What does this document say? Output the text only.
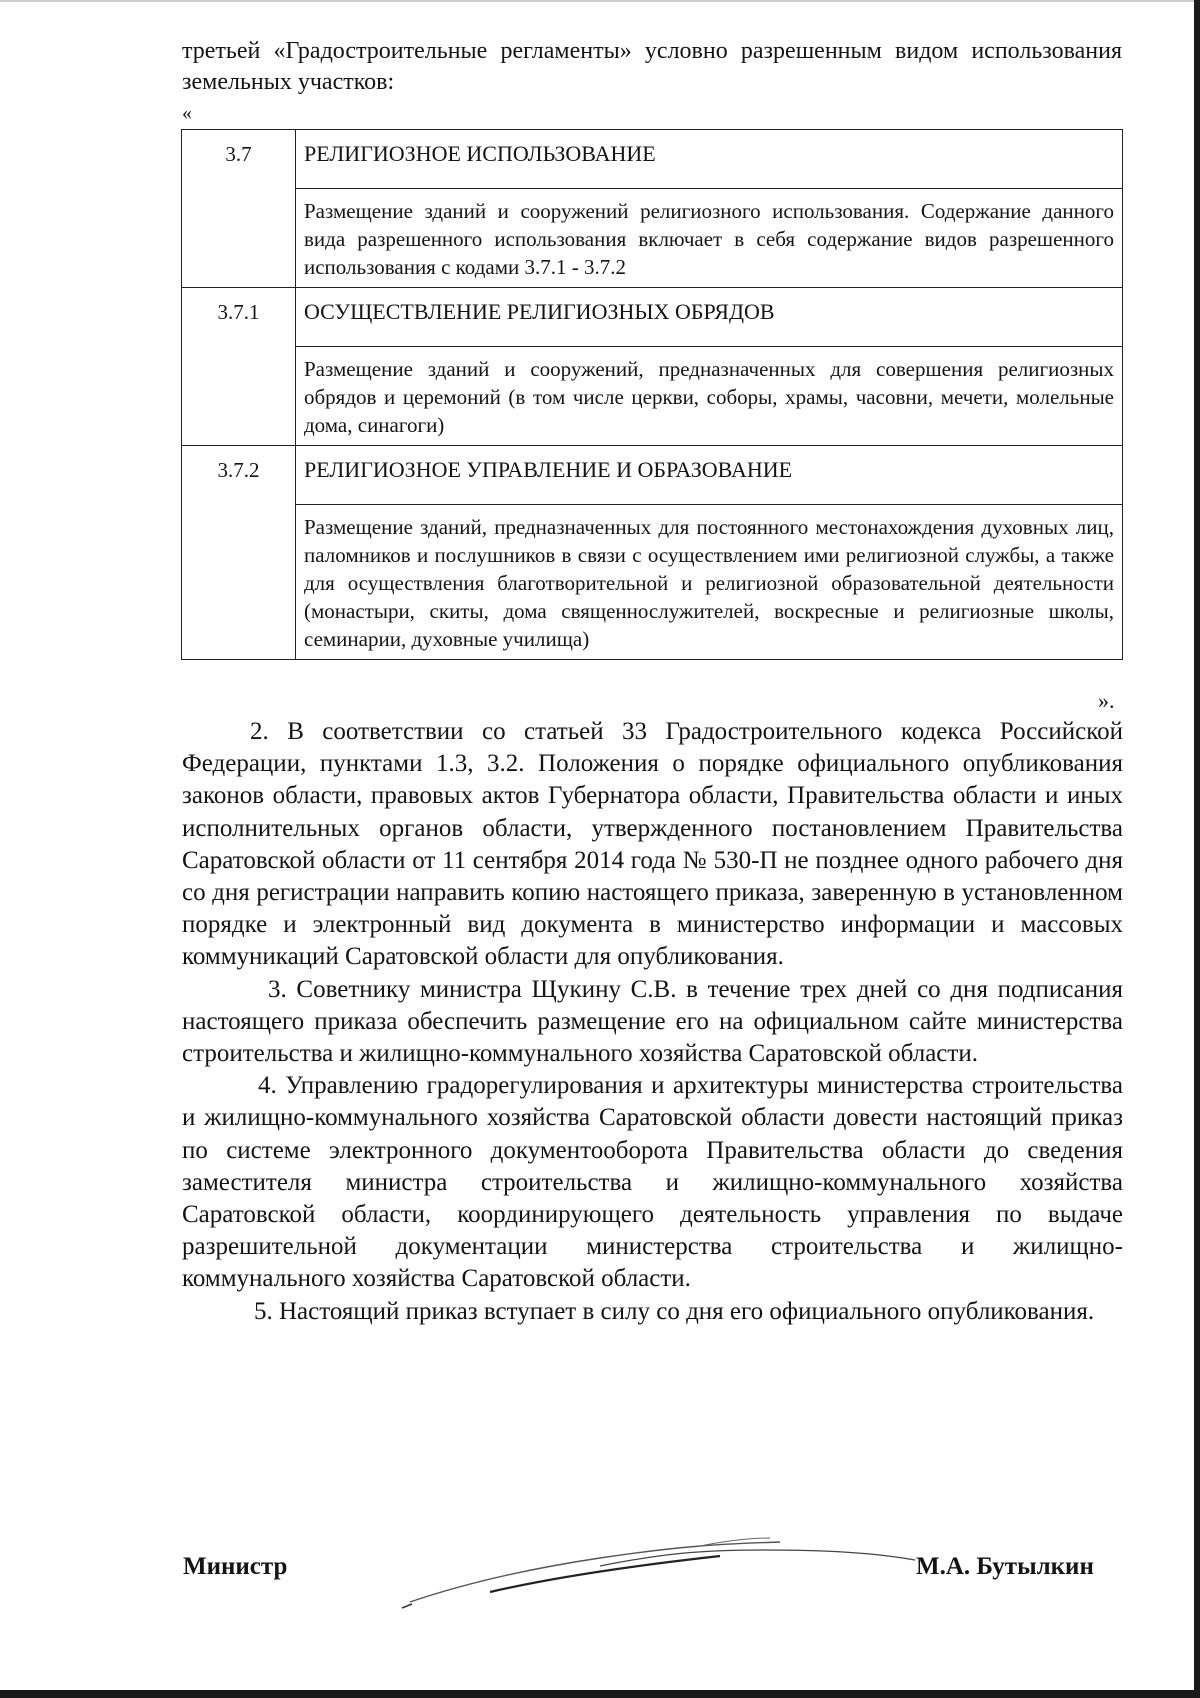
третьей «Градостроительные регламенты» условно разрешенным видом использования земельных участков:

«
3.7	РЕЛИГИОЗНОЕ ИСПОЛЬЗОВАНИЕ
	Размещение зданий и сооружений религиозного использования. Содержание данного вида разрешенного использования включает в себя содержание видов разрешенного использования с кодами 3.7.1 - 3.7.2
3.7.1	ОСУЩЕСТВЛЕНИЕ РЕЛИГИОЗНЫХ ОБРЯДОВ
	Размещение зданий и сооружений, предназначенных для совершения религиозных обрядов и церемоний (в том числе церкви, соборы, храмы, часовни, мечети, молельные дома, синагоги)
3.7.2	РЕЛИГИОЗНОЕ УПРАВЛЕНИЕ И ОБРАЗОВАНИЕ
	Размещение зданий, предназначенных для постоянного местонахождения духовных лиц, паломников и послушников в связи с осуществлением ими религиозной службы, а также для осуществления благотворительной и религиозной образовательной деятельности (монастыри, скиты, дома священнослужителей, воскресные и религиозные школы, семинарии, духовные училища)
».

2. В соответствии со статьей 33 Градостроительного кодекса Российской Федерации, пунктами 1.3, 3.2. Положения о порядке официального опубликования законов области, правовых актов Губернатора области, Правительства области и иных исполнительных органов области, утвержденного постановлением Правительства Саратовской области от 11 сентября 2014 года № 530-П не позднее одного рабочего дня со дня регистрации направить копию настоящего приказа, заверенную в установленном порядке и электронный вид документа в министерство информации и массовых коммуникаций Саратовской области для опубликования.

3. Советнику министра Щукину С.В. в течение трех дней со дня подписания настоящего приказа обеспечить размещение его на официальном сайте министерства строительства и жилищно-коммунального хозяйства Саратовской области.

4. Управлению градорегулирования и архитектуры министерства строительства и жилищно-коммунального хозяйства Саратовской области довести настоящий приказ по системе электронного документооборота Правительства области до сведения заместителя министра строительства и жилищно-коммунального хозяйства Саратовской области, координирующего деятельность управления по выдаче разрешительной документации министерства строительства и жилищно-коммунального хозяйства Саратовской области.

5. Настоящий приказ вступает в силу со дня его официального опубликования.

Министр	М.А. Бутылкин
